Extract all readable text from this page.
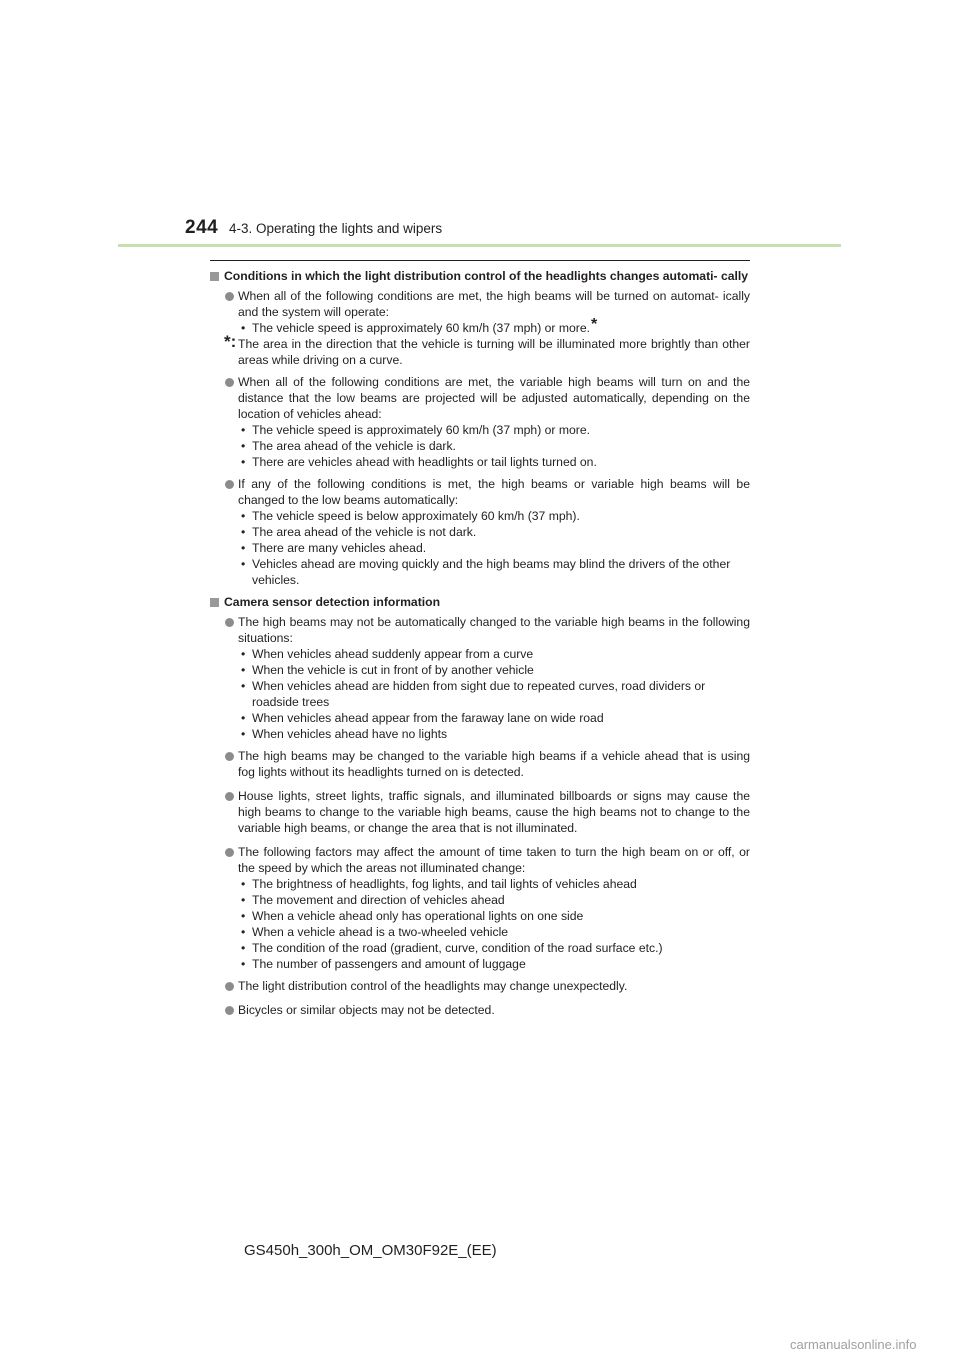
244 4-3. Operating the lights and wipers
Conditions in which the light distribution control of the headlights changes automati- cally
When all of the following conditions are met, the high beams will be turned on automat- ically and the system will operate:
• The vehicle speed is approximately 60 km/h (37 mph) or more.*
*: The area in the direction that the vehicle is turning will be illuminated more brightly than other areas while driving on a curve.
When all of the following conditions are met, the variable high beams will turn on and the distance that the low beams are projected will be adjusted automatically, depending on the location of vehicles ahead:
• The vehicle speed is approximately 60 km/h (37 mph) or more.
• The area ahead of the vehicle is dark.
• There are vehicles ahead with headlights or tail lights turned on.
If any of the following conditions is met, the high beams or variable high beams will be changed to the low beams automatically:
• The vehicle speed is below approximately 60 km/h (37 mph).
• The area ahead of the vehicle is not dark.
• There are many vehicles ahead.
• Vehicles ahead are moving quickly and the high beams may blind the drivers of the other vehicles.
Camera sensor detection information
The high beams may not be automatically changed to the variable high beams in the following situations:
• When vehicles ahead suddenly appear from a curve
• When the vehicle is cut in front of by another vehicle
• When vehicles ahead are hidden from sight due to repeated curves, road dividers or roadside trees
• When vehicles ahead appear from the faraway lane on wide road
• When vehicles ahead have no lights
The high beams may be changed to the variable high beams if a vehicle ahead that is using fog lights without its headlights turned on is detected.
House lights, street lights, traffic signals, and illuminated billboards or signs may cause the high beams to change to the variable high beams, cause the high beams not to change to the variable high beams, or change the area that is not illuminated.
The following factors may affect the amount of time taken to turn the high beam on or off, or the speed by which the areas not illuminated change:
• The brightness of headlights, fog lights, and tail lights of vehicles ahead
• The movement and direction of vehicles ahead
• When a vehicle ahead only has operational lights on one side
• When a vehicle ahead is a two-wheeled vehicle
• The condition of the road (gradient, curve, condition of the road surface etc.)
• The number of passengers and amount of luggage
The light distribution control of the headlights may change unexpectedly.
Bicycles or similar objects may not be detected.
GS450h_300h_OM_OM30F92E_(EE)
carmanualsonline.info
